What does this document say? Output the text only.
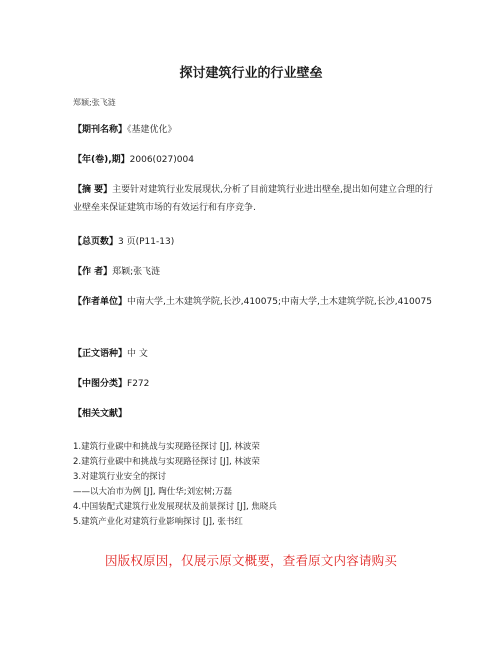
探讨建筑行业的行业壁垒
郑颖;张飞涟
【期刊名称】《基建优化》
【年(卷),期】2006(027)004
【摘 要】主要针对建筑行业发展现状,分析了目前建筑行业进出壁垒,提出如何建立合理的行业壁垒来保证建筑市场的有效运行和有序竞争.
【总页数】3 页(P11-13)
【作 者】郑颖;张飞涟
【作者单位】中南大学,土木建筑学院,长沙,410075;中南大学,土木建筑学院,长沙,410075
【正文语种】中 文
【中图分类】F272
【相关文献】
1.建筑行业碳中和挑战与实现路径探讨 [J], 林波荣
2.建筑行业碳中和挑战与实现路径探讨 [J], 林波荣
3.对建筑行业安全的探讨
——以大冶市为例 [J], 陶仕华;刘宏树;万磊
4.中国装配式建筑行业发展现状及前景探讨 [J], 焦晓兵
5.建筑产业化对建筑行业影响探讨 [J], 张书红
因版权原因，仅展示原文概要，查看原文内容请购买
